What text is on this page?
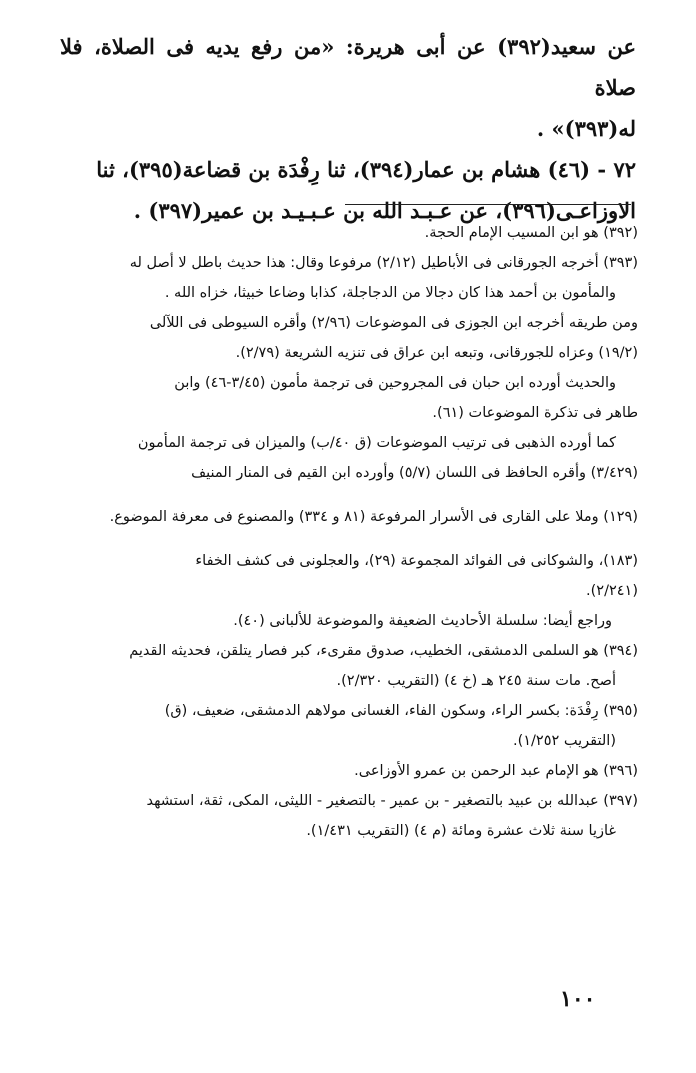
عن سعيد(٣٩٢) عن أبى هريرة: «من رفع يديه فى الصلاة، فلا صلاة

له(٣٩٣)» .

٧٢ - (٤٦) هشام بن عمار(٣٩٤)، ثنا رِفْدَة بن قضاعة(٣٩٥)، ثنا

الاوزاعـى(٣٩٦)، عن عـبـد الله بن عـبـيـد بن عمير(٣٩٧) .

(٣٩٢) هو ابن المسيب الإمام الحجة.
(٣٩٣) أخرجه الجورقانى فى الأباطيل (٢/١٢) مرفوعا وقال: هذا حديث باطل لا أصل له
والمأمون بن أحمد هذا كان دجالا من الدجاجلة، كذابا وضاعا خبيثا، خزاه الله .
ومن طريقه أخرجه ابن الجوزى فى الموضوعات (٢/٩٦) وأقره السيوطى فى اللآلى
(١٩/٢) وعزاه للجورقانى، وتبعه ابن عراق فى تنزيه الشريعة (٢/٧٩).
والحديث أورده ابن حبان فى المجروحين فى ترجمة مأمون (٣/٤٥-٤٦) وابن
طاهر فى تذكرة الموضوعات (٦١).
كما أورده الذهبى فى ترتيب الموضوعات (ق ٤٠/ب) والميزان فى ترجمة المأمون
(٣/٤٢٩) وأقره الحافظ فى اللسان (٥/٧) وأورده ابن القيم فى المنار المنيف
(١٢٩) وملا على القارى فى الأسرار المرفوعة (٨١ و ٣٣٤) والمصنوع فى معرفة الموضوع.
(١٨٣)، والشوكانى فى الفوائد المجموعة (٢٩)، والعجلونى فى كشف الخفاء
(٢/٢٤١).
وراجع أيضا: سلسلة الأحاديث الضعيفة والموضوعة للألبانى (٤٠).
(٣٩٤) هو السلمى الدمشقى، الخطيب، صدوق مقرىء، كبر فصار يتلقن، فحديثه القديم
أصح. مات سنة ٢٤٥ هـ (خ ٤) (التقريب ٢/٣٢٠).
(٣٩٥) رِفْدَة: بكسر الراء، وسكون الفاء، الغسانى مولاهم الدمشقى، ضعيف، (ق)
(التقريب ١/٢٥٢).
(٣٩٦) هو الإمام عبد الرحمن بن عمرو الأوزاعى.
(٣٩٧) عبدالله بن عبيد بالتصغير - بن عمير - بالتصغير - الليثى، المكى، ثقة، استشهد
غازيا سنة ثلاث عشرة ومائة (م ٤) (التقريب ١/٤٣١).
١٠٠
